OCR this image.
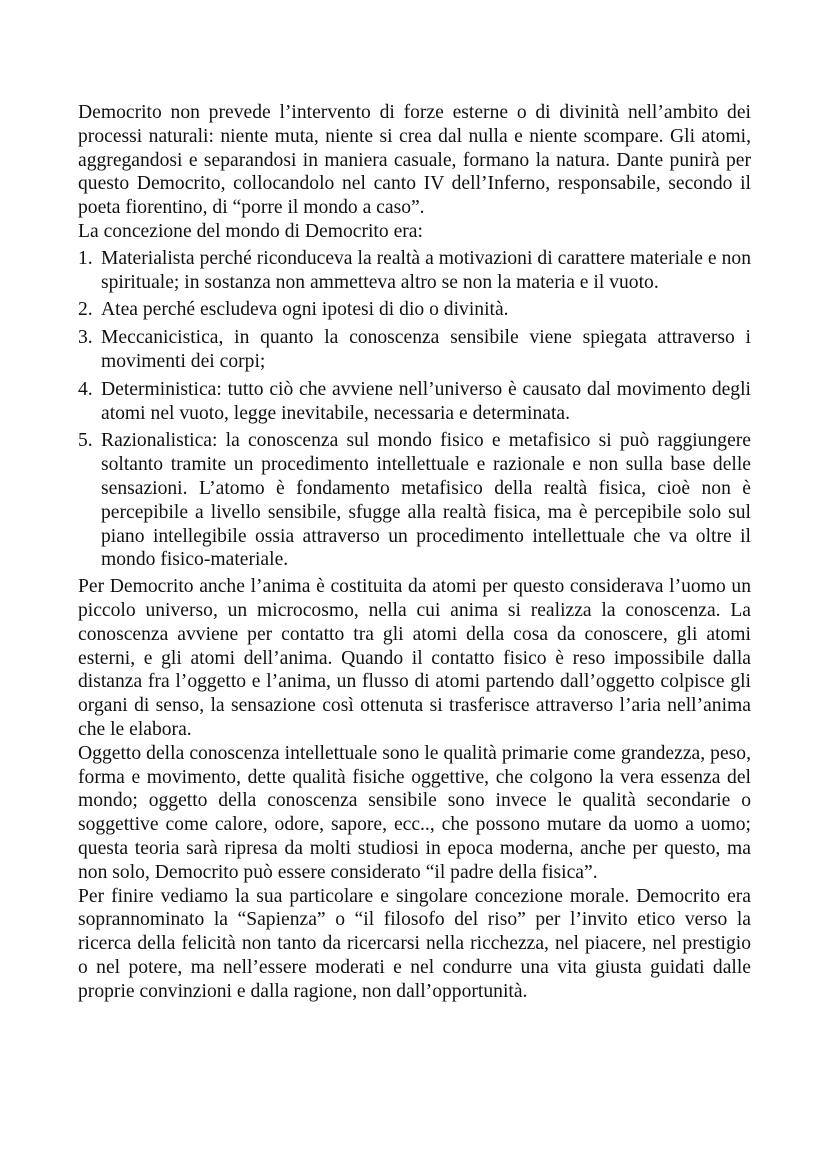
Democrito non prevede l’intervento di forze esterne o di divinità nell’ambito dei processi naturali: niente muta, niente si crea dal nulla e niente scompare. Gli atomi, aggregandosi e separandosi in maniera casuale, formano la natura. Dante punirà per questo Democrito, collocandolo nel canto IV dell’Inferno, responsabile, secondo il poeta fiorentino, di “porre il mondo a caso”.

La concezione del mondo di Democrito era:

1. Materialista perché riconduceva la realtà a motivazioni di carattere materiale e non spirituale; in sostanza non ammetteva altro se non la materia e il vuoto.
2. Atea perché escludeva ogni ipotesi di dio o divinità.
3. Meccanicistica, in quanto la conoscenza sensibile viene spiegata attraverso i movimenti dei corpi;
4. Deterministica: tutto ciò che avviene nell’universo è causato dal movimento degli atomi nel vuoto, legge inevitabile, necessaria e determinata.
5. Razionalistica: la conoscenza sul mondo fisico e metafisico si può raggiungere soltanto tramite un procedimento intellettuale e razionale e non sulla base delle sensazioni. L’atomo è fondamento metafisico della realtà fisica, cioè non è percepibile a livello sensibile, sfugge alla realtà fisica, ma è percepibile solo sul piano intellegibile ossia attraverso un procedimento intellettuale che va oltre il mondo fisico-materiale.

Per Democrito anche l’anima è costituita da atomi per questo considerava l’uomo un piccolo universo, un microcosmo, nella cui anima si realizza la conoscenza. La conoscenza avviene per contatto tra gli atomi della cosa da conoscere, gli atomi esterni, e gli atomi dell’anima. Quando il contatto fisico è reso impossibile dalla distanza fra l’oggetto e l’anima, un flusso di atomi partendo dall’oggetto colpisce gli organi di senso, la sensazione così ottenuta si trasferisce attraverso l’aria nell’anima che le elabora.

Oggetto della conoscenza intellettuale sono le qualità primarie come grandezza, peso, forma e movimento, dette qualità fisiche oggettive, che colgono la vera essenza del mondo; oggetto della conoscenza sensibile sono invece le qualità secondarie o soggettive come calore, odore, sapore, ecc.., che possono mutare da uomo a uomo; questa teoria sarà ripresa da molti studiosi in epoca moderna, anche per questo, ma non solo, Democrito può essere considerato “il padre della fisica”.

Per finire vediamo la sua particolare e singolare concezione morale. Democrito era soprannominato la “Sapienza” o “il filosofo del riso” per l’invito etico verso la ricerca della felicità non tanto da ricercarsi nella ricchezza, nel piacere, nel prestigio o nel potere, ma nell’essere moderati e nel condurre una vita giusta guidati dalle proprie convinzioni e dalla ragione, non dall’opportunità.
